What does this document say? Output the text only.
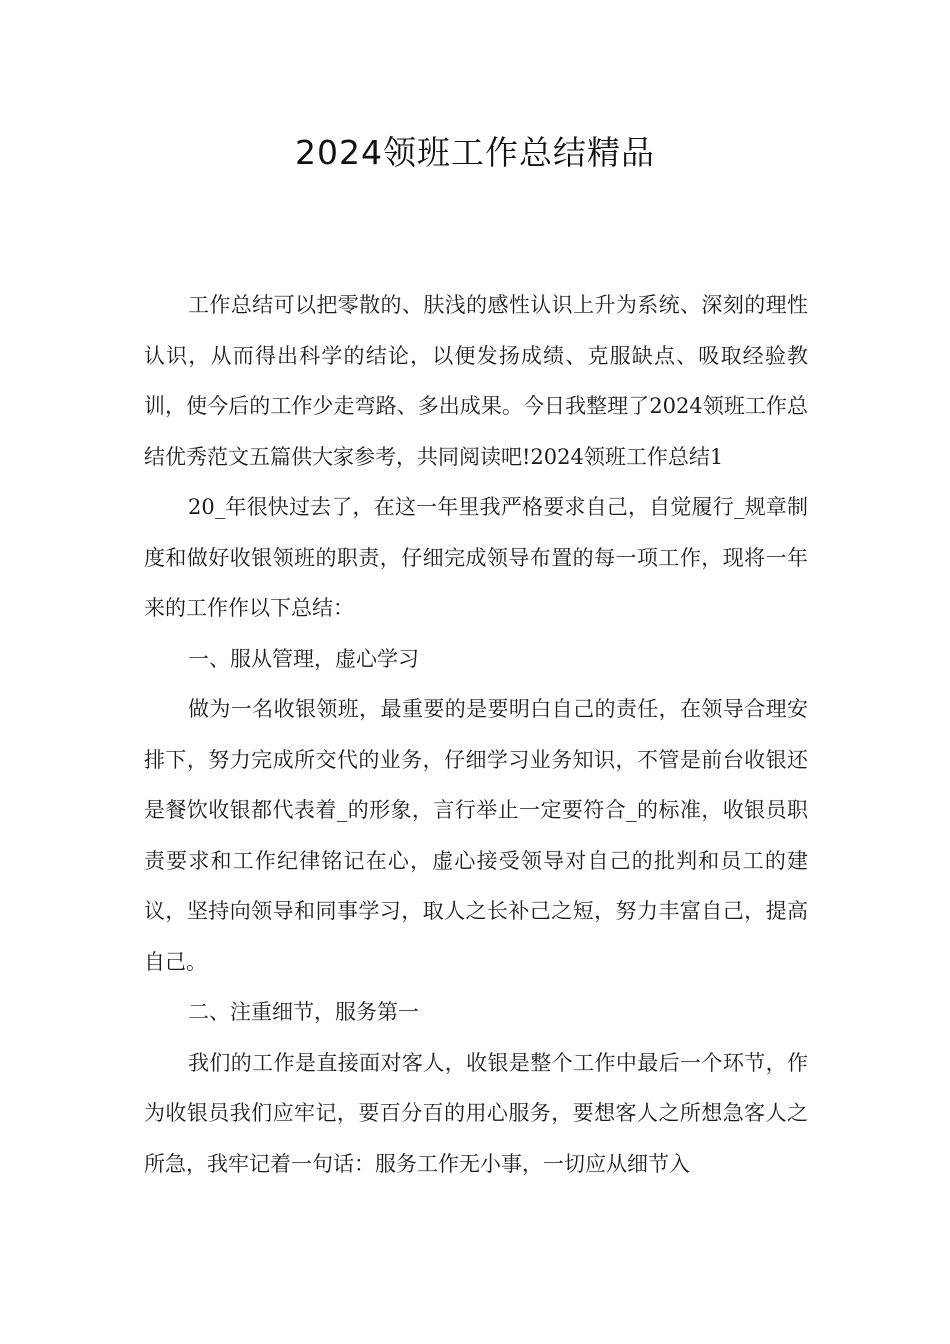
2024领班工作总结精品

工作总结可以把零散的、肤浅的感性认识上升为系统、深刻的理性认识，从而得出科学的结论，以便发扬成绩、克服缺点、吸取经验教训，使今后的工作少走弯路、多出成果。今日我整理了2024领班工作总结优秀范文五篇供大家参考，共同阅读吧!2024领班工作总结1

20_年很快过去了，在这一年里我严格要求自己，自觉履行_规章制度和做好收银领班的职责，仔细完成领导布置的每一项工作，现将一年来的工作作以下总结：

一、服从管理，虚心学习

做为一名收银领班，最重要的是要明白自己的责任，在领导合理安排下，努力完成所交代的业务，仔细学习业务知识，不管是前台收银还是餐饮收银都代表着_的形象，言行举止一定要符合_的标准，收银员职责要求和工作纪律铭记在心，虚心接受领导对自己的批判和员工的建议，坚持向领导和同事学习，取人之长补己之短，努力丰富自己，提高自己。

二、注重细节，服务第一

我们的工作是直接面对客人，收银是整个工作中最后一个环节，作为收银员我们应牢记，要百分百的用心服务，要想客人之所想急客人之所急，我牢记着一句话：服务工作无小事，一切应从细节入
